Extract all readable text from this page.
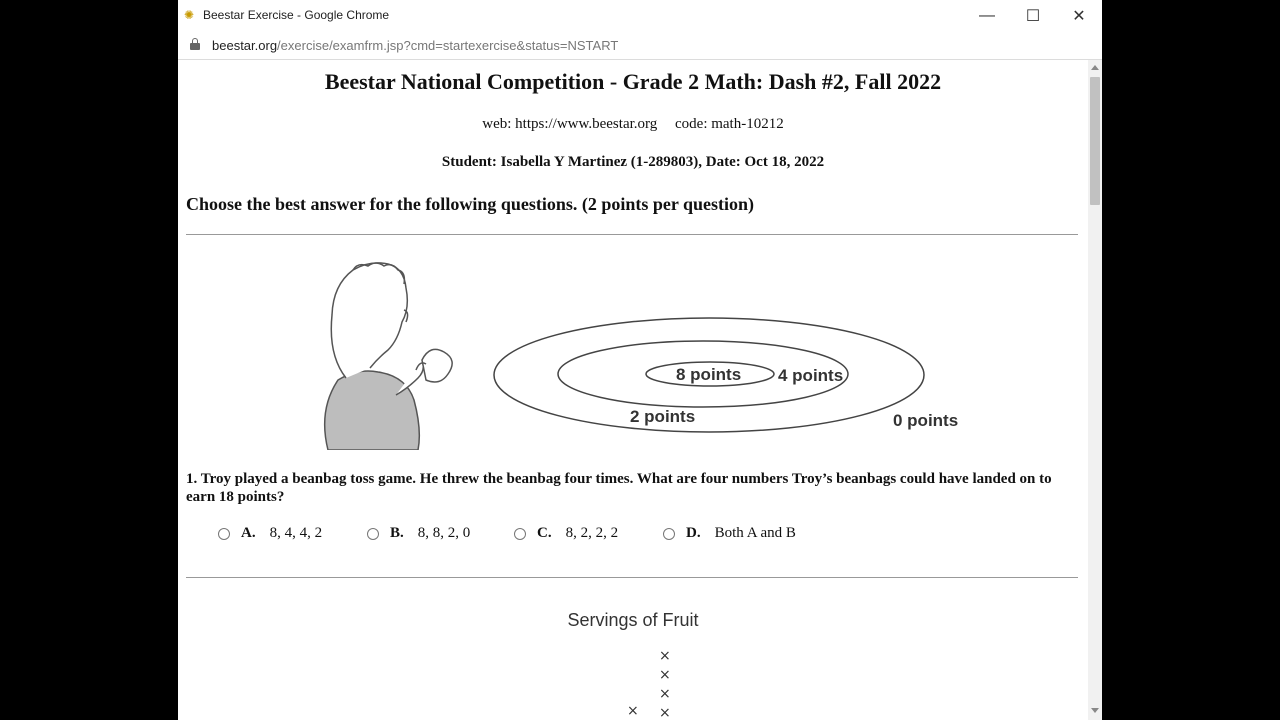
✺ Beestar Exercise - Google Chrome	—	☐	✕
beestar.org/exercise/examfrm.jsp?cmd=startexercise&status=NSTART
Beestar National Competition - Grade 2 Math: Dash #2, Fall 2022
web: https://www.beestar.org code: math-10212
Student: Isabella Y Martinez (1-289803), Date: Oct 18, 2022
Choose the best answer for the following questions. (2 points per question)
8 points 4 points
2 points	0 points
1. Troy played a beanbag toss game. He threw the beanbag four times. What are four numbers Troy’s beanbags could have landed on to earn 18 points?
A. 8, 4, 4, 2	B. 8, 8, 2, 0	C. 8, 2, 2, 2	D. Both A and B
Servings of Fruit
×
×
×
×
×
